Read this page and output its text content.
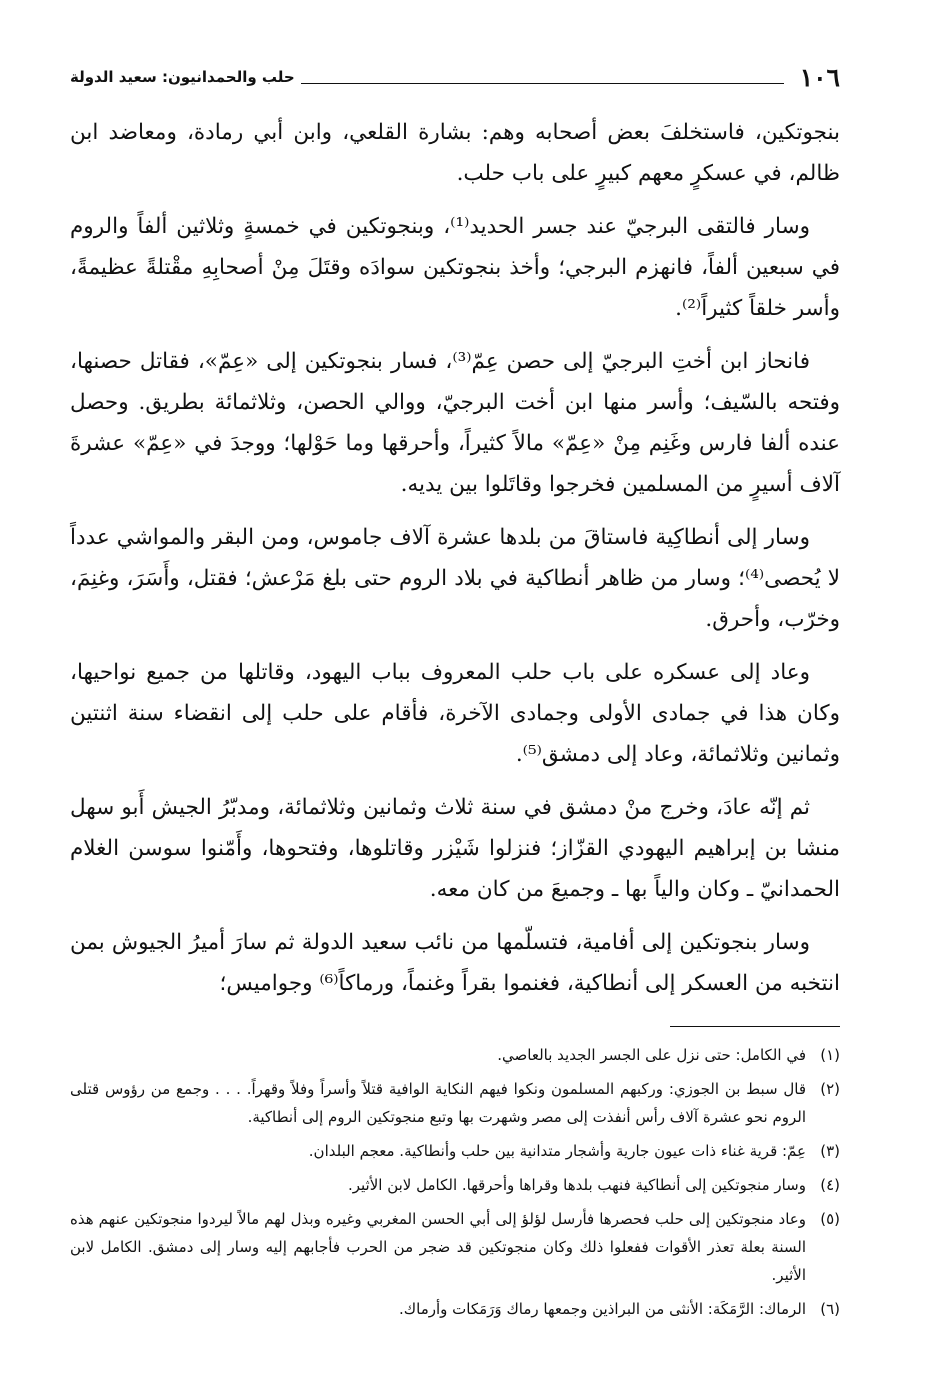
١٠٦
حلب والحمدانيون: سعيد الدولة

بنجوتكين، فاستخلفَ بعض أصحابه وهم: بشارة القلعي، وابن أبي رمادة، ومعاضد ابن ظالم، في عسكرٍ معهم كبيرٍ على باب حلب.

وسار فالتقى البرجيّ عند جسر الحديد⁽¹⁾، وبنجوتكين في خمسةٍ وثلاثين ألفاً والروم في سبعين ألفاً، فانهزم البرجي؛ وأخذ بنجوتكين سوادَه وقتَلَ مِنْ أصحابِهِ مقْتلةً عظيمةً، وأسر خلقاً كثيراً⁽²⁾.

فانحاز ابن أختِ البرجيّ إلى حصن عِمّ⁽³⁾، فسار بنجوتكين إلى «عِمّ»، فقاتل حصنها، وفتحه بالسّيف؛ وأسر منها ابن أخت البرجيّ، ووالي الحصن، وثلاثمائة بطريق. وحصل عنده ألفا فارس وغَنِم مِنْ «عِمّ» مالاً كثيراً، وأحرقها وما حَوْلها؛ ووجدَ في «عِمّ» عشرةَ آلاف أسيرٍ من المسلمين فخرجوا وقاتَلوا بين يديه.

وسار إلى أنطاكِية فاستاقَ من بلدها عشرة آلاف جاموس، ومن البقر والمواشي عدداً لا يُحصى⁽⁴⁾؛ وسار من ظاهر أنطاكية في بلاد الروم حتى بلغ مَرْعش؛ فقتل، وأَسَرَ، وغنِمَ، وخرّب، وأحرق.

وعاد إلى عسكره على باب حلب المعروف بباب اليهود، وقاتلها من جميع نواحيها، وكان هذا في جمادى الأولى وجمادى الآخرة، فأقام على حلب إلى انقضاء سنة اثنتين وثمانين وثلاثمائة، وعاد إلى دمشق⁽⁵⁾.

ثم إنّه عادَ، وخرج منْ دمشق في سنة ثلاث وثمانين وثلاثمائة، ومدبّرُ الجيش أَبو سهل منشا بن إبراهيم اليهودي القزّاز؛ فنزلوا شَيْزر وقاتلوها، وفتحوها، وأَمّنوا سوسن الغلام الحمدانيّ ـ وكان والياً بها ـ وجميعَ من كان معه.

وسار بنجوتكين إلى أفامية، فتسلّمها من نائب سعيد الدولة ثم سارَ أميرُ الجيوش بمن انتخبه من العسكر إلى أنطاكية، فغنموا بقراً وغنماً، ورماكاً⁽⁶⁾ وجواميس؛

(١)
في الكامل: حتى نزل على الجسر الجديد بالعاصي.
(٢)
قال سبط بن الجوزي: وركبهم المسلمون ونكوا فيهم النكاية الوافية قتلاً وأسراً وفلاً وقهراً. . . . وجمع من رؤوس قتلى الروم نحو عشرة آلاف رأس أنفذت إلى مصر وشهرت بها وتبع منجوتكين الروم إلى أنطاكية.
(٣)
عِمّ: قرية غناء ذات عيون جارية وأشجار متدانية بين حلب وأنطاكية. معجم البلدان.
(٤)
وسار منجوتكين إلى أنطاكية فنهب بلدها وقراها وأحرقها. الكامل لابن الأثير.
(٥)
وعاد منجوتكين إلى حلب فحصرها فأرسل لؤلؤ إلى أبي الحسن المغربي وغيره وبذل لهم مالاً ليردوا منجوتكين عنهم هذه السنة بعلة تعذر الأقوات ففعلوا ذلك وكان منجوتكين قد ضجر من الحرب فأجابهم إليه وسار إلى دمشق. الكامل لابن الأثير.
(٦)
الرماك: الرَّمَكَة: الأنثى من البراذين وجمعها رماك وَرَمَكات وأرماك.
